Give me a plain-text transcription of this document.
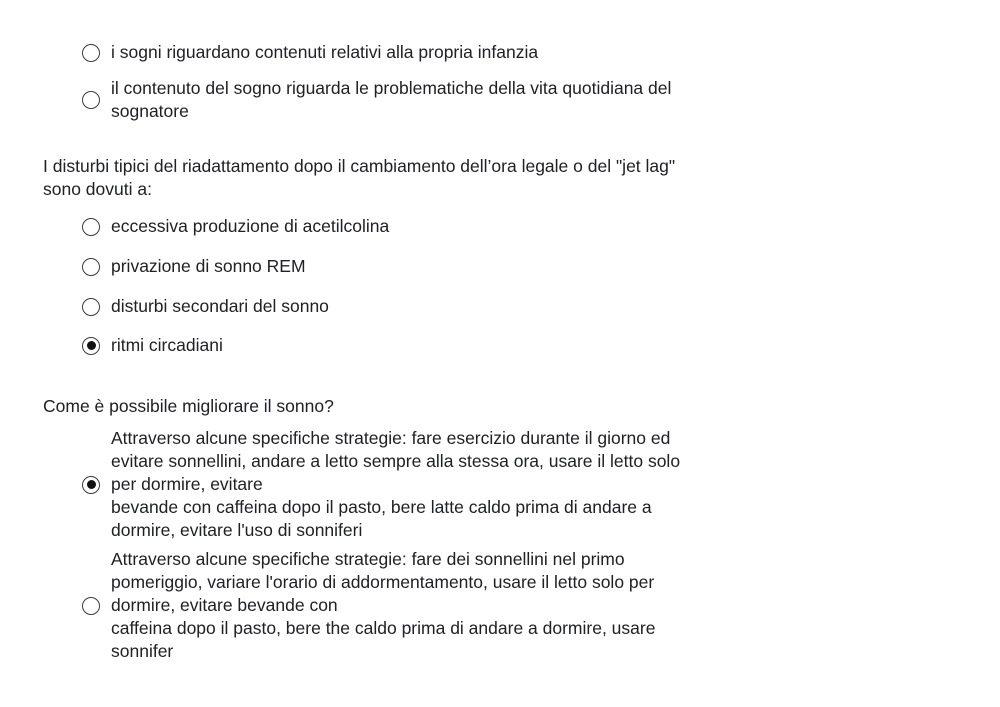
i sogni riguardano contenuti relativi alla propria infanzia
il contenuto del sogno riguarda le problematiche della vita quotidiana del
sognatore
I disturbi tipici del riadattamento dopo il cambiamento dell’ora legale o del "jet lag"
sono dovuti a:
eccessiva produzione di acetilcolina
privazione di sonno REM
disturbi secondari del sonno
ritmi circadiani
Come è possibile migliorare il sonno?
Attraverso alcune specifiche strategie: fare esercizio durante il giorno ed
evitare sonnellini, andare a letto sempre alla stessa ora, usare il letto solo
per dormire, evitare
bevande con caffeina dopo il pasto, bere latte caldo prima di andare a
dormire, evitare l'uso di sonniferi
Attraverso alcune specifiche strategie: fare dei sonnellini nel primo
pomeriggio, variare l'orario di addormentamento, usare il letto solo per
dormire, evitare bevande con
caffeina dopo il pasto, bere the caldo prima di andare a dormire, usare
sonnifer
